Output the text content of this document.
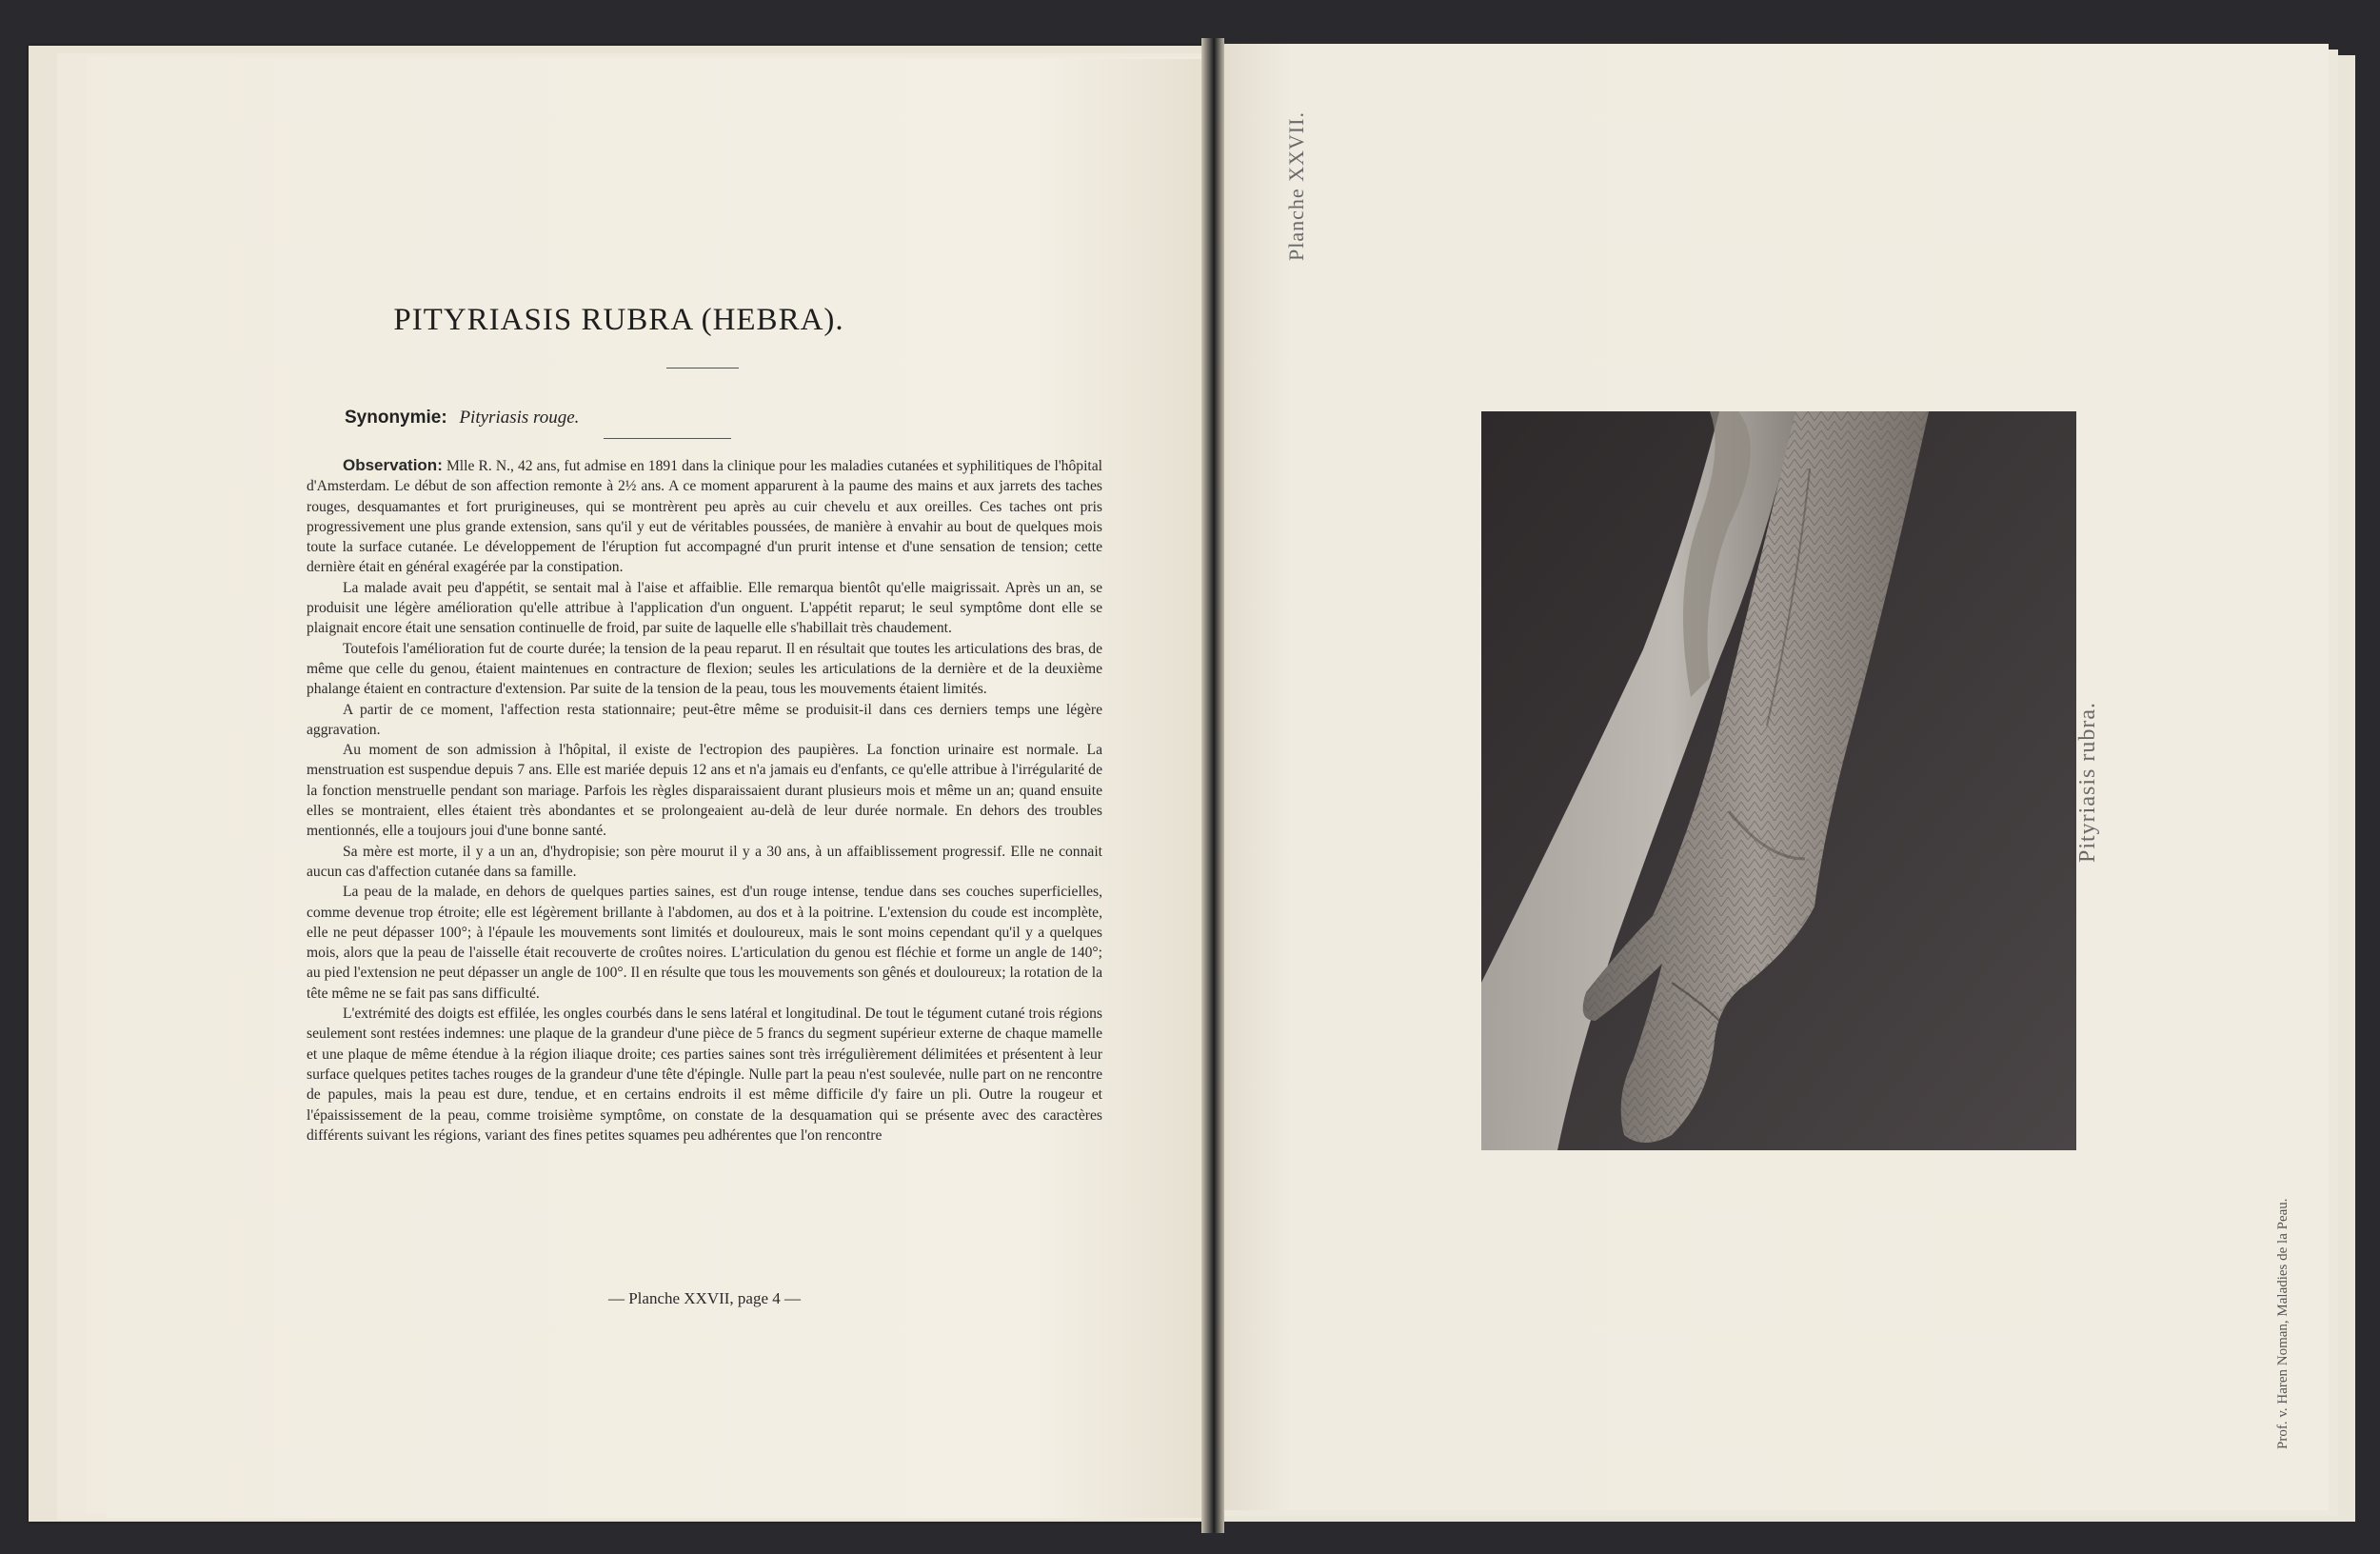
PITYRIASIS RUBRA (HEBRA).
Synonymie: Pityriasis rouge.

Observation: Mlle R. N., 42 ans, fut admise en 1891 dans la clinique pour les maladies cutanées et syphilitiques de l'hôpital d'Amsterdam. Le début de son affection remonte à 2½ ans. A ce moment apparurent à la paume des mains et aux jarrets des taches rouges, desquamantes et fort prurigineuses, qui se montrèrent peu après au cuir chevelu et aux oreilles. Ces taches ont pris progressivement une plus grande extension, sans qu'il y eut de véritables poussées, de manière à envahir au bout de quelques mois toute la surface cutanée. Le développement de l'éruption fut accompagné d'un prurit intense et d'une sensation de tension; cette dernière était en général exagérée par la constipation.

La malade avait peu d'appétit, se sentait mal à l'aise et affaiblie. Elle remarqua bientôt qu'elle maigrissait. Après un an, se produisit une légère amélioration qu'elle attribue à l'application d'un onguent. L'appétit reparut; le seul symptôme dont elle se plaignait encore était une sensation continuelle de froid, par suite de laquelle elle s'habillait très chaudement.

Toutefois l'amélioration fut de courte durée; la tension de la peau reparut. Il en résultait que toutes les articulations des bras, de même que celle du genou, étaient maintenues en contracture de flexion; seules les articulations de la dernière et de la deuxième phalange étaient en contracture d'extension. Par suite de la tension de la peau, tous les mouvements étaient limités.

A partir de ce moment, l'affection resta stationnaire; peut-être même se produisit-il dans ces derniers temps une légère aggravation.

Au moment de son admission à l'hôpital, il existe de l'ectropion des paupières. La fonction urinaire est normale. La menstruation est suspendue depuis 7 ans. Elle est mariée depuis 12 ans et n'a jamais eu d'enfants, ce qu'elle attribue à l'irrégularité de la fonction menstruelle pendant son mariage. Parfois les règles disparaissaient durant plusieurs mois et même un an; quand ensuite elles se montraient, elles étaient très abondantes et se prolongeaient au-delà de leur durée normale. En dehors des troubles mentionnés, elle a toujours joui d'une bonne santé.

Sa mère est morte, il y a un an, d'hydropisie; son père mourut il y a 30 ans, à un affaiblissement progressif. Elle ne connait aucun cas d'affection cutanée dans sa famille.

La peau de la malade, en dehors de quelques parties saines, est d'un rouge intense, tendue dans ses couches superficielles, comme devenue trop étroite; elle est légèrement brillante à l'abdomen, au dos et à la poitrine. L'extension du coude est incomplète, elle ne peut dépasser 100°; à l'épaule les mouvements sont limités et douloureux, mais le sont moins cependant qu'il y a quelques mois, alors que la peau de l'aisselle était recouverte de croûtes noires. L'articulation du genou est fléchie et forme un angle de 140°; au pied l'extension ne peut dépasser un angle de 100°. Il en résulte que tous les mouvements son gênés et douloureux; la rotation de la tête même ne se fait pas sans difficulté.

L'extrémité des doigts est effilée, les ongles courbés dans le sens latéral et longitudinal. De tout le tégument cutané trois régions seulement sont restées indemnes: une plaque de la grandeur d'une pièce de 5 francs du segment supérieur externe de chaque mamelle et une plaque de même étendue à la région iliaque droite; ces parties saines sont très irrégulièrement délimitées et présentent à leur surface quelques petites taches rouges de la grandeur d'une tête d'épingle. Nulle part la peau n'est soulevée, nulle part on ne rencontre de papules, mais la peau est dure, tendue, et en certains endroits il est même difficile d'y faire un pli. Outre la rougeur et l'épaississement de la peau, comme troisième symptôme, on constate de la desquamation qui se présente avec des caractères différents suivant les régions, variant des fines petites squames peu adhérentes que l'on rencontre

— Planche XXVII, page 4 —
Planche XXVII.
Pityriasis rubra.
Prof. v. Haren Noman, Maladies de la Peau.
